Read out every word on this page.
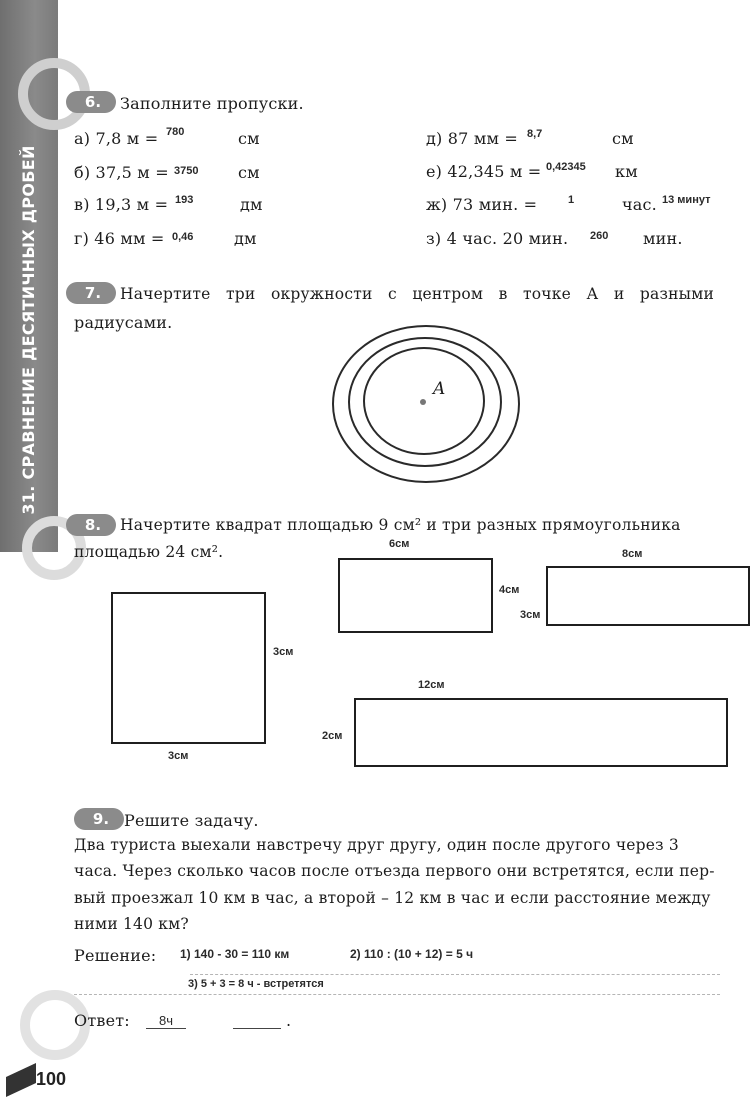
31. СРАВНЕНИЕ ДЕСЯТИЧНЫХ ДРОБЕЙ
6.	Заполните пропуски.
а) 7,8 м = 780	см
б) 37,5 м = 3750 см
в) 19,3 м = 193	дм
г) 46 мм = 0,46	дм
д) 87 мм = 8,7	см
е) 42,345 м = 0,42345 км
ж) 73 мин. =	1	час. 13 минут
з) 4 час. 20 мин. 260 мин.
7.	Начертите три окружности с центром в точке А и разными
радиусами.
A
8.	Начертите квадрат площадью 9 см² и три разных прямоугольника
площадью 24 см².
3см
3см
6см
4см
8см
3см
12см
2см
9. Решите задачу.
Два туриста выехали навстречу друг другу, один после другого через 3
часа. Через сколько часов после отъезда первого они встретятся, если пер-
вый проезжал 10 км в час, а второй – 12 км в час и если расстояние между
ними 140 км?
Решение: 1) 140 - 30 = 110 км	2) 110 : (10 + 12) = 5 ч
3) 5 + 3 = 8 ч - встретятся
Ответ:	8ч	.
100
